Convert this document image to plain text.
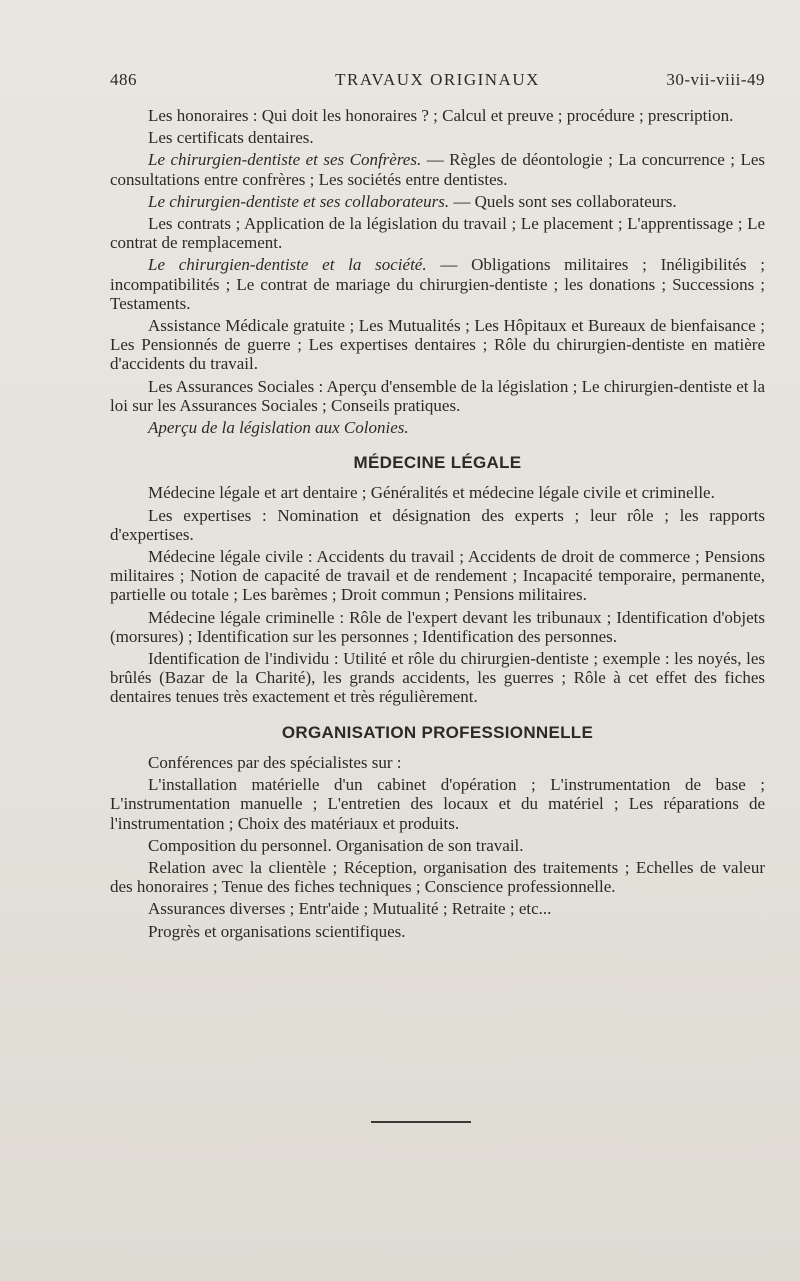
486	TRAVAUX ORIGINAUX	30-vii-viii-49

Les honoraires : Qui doit les honoraires ? ; Calcul et preuve ; procédure ; prescription.

Les certificats dentaires.

Le chirurgien-dentiste et ses Confrères. — Règles de déontologie ; La concurrence ; Les consultations entre confrères ; Les sociétés entre dentistes.

Le chirurgien-dentiste et ses collaborateurs. — Quels sont ses collaborateurs.

Les contrats ; Application de la législation du travail ; Le placement ; L'apprentissage ; Le contrat de remplacement.

Le chirurgien-dentiste et la société. — Obligations militaires ; Inéligibilités ; incompatibilités ; Le contrat de mariage du chirurgien-dentiste ; les donations ; Successions ; Testaments.

Assistance Médicale gratuite ; Les Mutualités ; Les Hôpitaux et Bureaux de bienfaisance ; Les Pensionnés de guerre ; Les expertises dentaires ; Rôle du chirurgien-dentiste en matière d'accidents du travail.

Les Assurances Sociales : Aperçu d'ensemble de la législation ; Le chirurgien-dentiste et la loi sur les Assurances Sociales ; Conseils pratiques.

Aperçu de la législation aux Colonies.

MÉDECINE LÉGALE

Médecine légale et art dentaire ; Généralités et médecine légale civile et criminelle.

Les expertises : Nomination et désignation des experts ; leur rôle ; les rapports d'expertises.

Médecine légale civile : Accidents du travail ; Accidents de droit de commerce ; Pensions militaires ; Notion de capacité de travail et de rendement ; Incapacité temporaire, permanente, partielle ou totale ; Les barèmes ; Droit commun ; Pensions militaires.

Médecine légale criminelle : Rôle de l'expert devant les tribunaux ; Identification d'objets (morsures) ; Identification sur les personnes ; Identification des personnes.

Identification de l'individu : Utilité et rôle du chirurgien-dentiste ; exemple : les noyés, les brûlés (Bazar de la Charité), les grands accidents, les guerres ; Rôle à cet effet des fiches dentaires tenues très exactement et très régulièrement.

ORGANISATION PROFESSIONNELLE

Conférences par des spécialistes sur :

L'installation matérielle d'un cabinet d'opération ; L'instrumentation de base ; L'instrumentation manuelle ; L'entretien des locaux et du matériel ; Les réparations de l'instrumentation ; Choix des matériaux et produits.

Composition du personnel. Organisation de son travail.

Relation avec la clientèle ; Réception, organisation des traitements ; Echelles de valeur des honoraires ; Tenue des fiches techniques ; Conscience professionnelle.

Assurances diverses ; Entr'aide ; Mutualité ; Retraite ; etc...

Progrès et organisations scientifiques.
